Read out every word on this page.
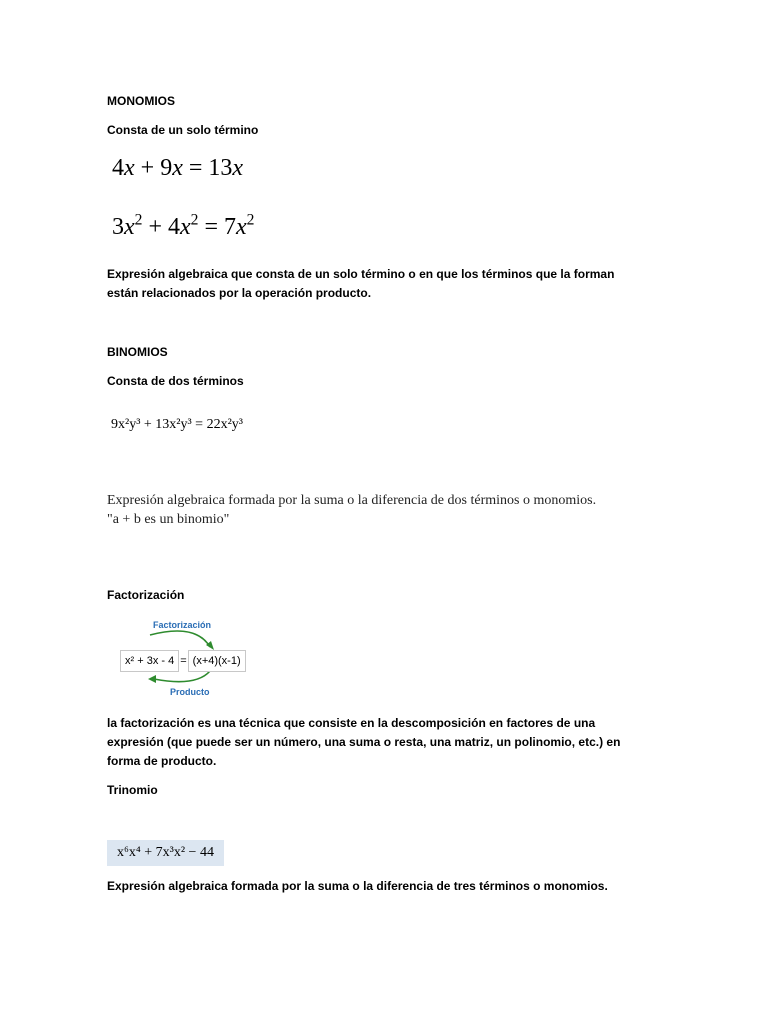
MONOMIOS
Consta de un solo término
4x + 9x = 13x
$3x^2 + 4x^2 = 7x^2$
Expresión algebraica que consta de un solo término o en que los términos que la forman están relacionados por la operación producto.
BINOMIOS
Consta de dos términos
9x²y³ + 13x²y³ = 22x²y³
Expresión algebraica formada por la suma o la diferencia de dos términos o monomios.
"a + b es un binomio"
Factorización
Factorización
x² + 3x - 4 = (x+4)(x-1)
Producto
la factorización es una técnica que consiste en la descomposición en factores de una expresión (que puede ser un número, una suma o resta, una matriz, un polinomio, etc.) en forma de producto.
Trinomio
x⁶x⁴ + 7x³x² − 44
Expresión algebraica formada por la suma o la diferencia de tres términos o monomios.
